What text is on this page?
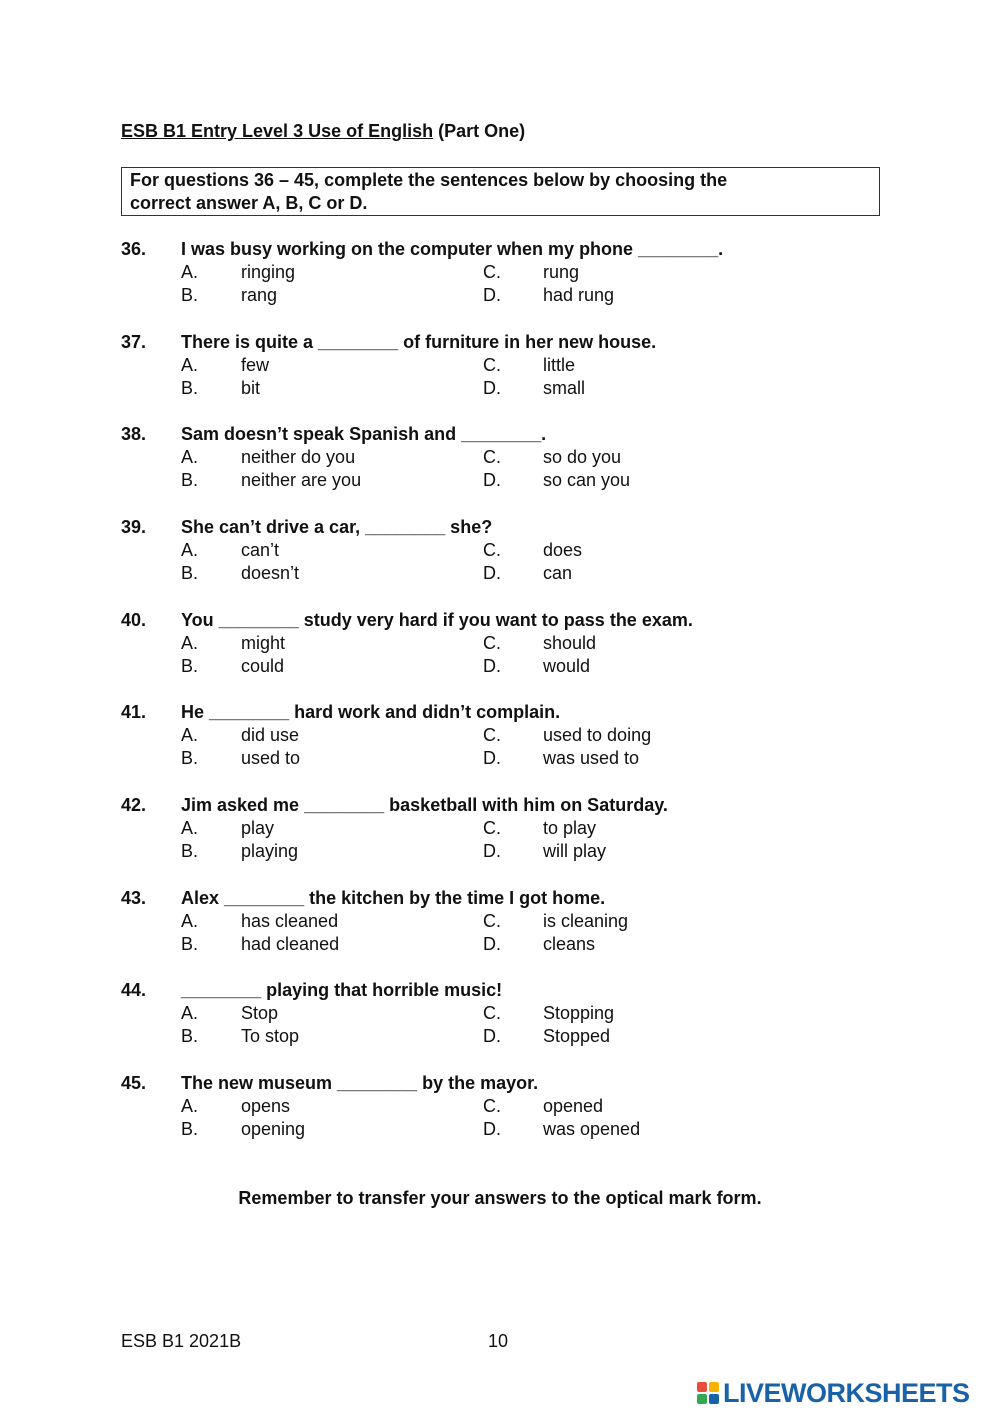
ESB B1 Entry Level 3 Use of English (Part One)
For questions 36 – 45, complete the sentences below by choosing the
correct answer A, B, C or D.
36.	I was busy working on the computer when my phone ________.
A.	ringing	C.	rung
B.	rang	D.	had rung
37.	There is quite a ________ of furniture in her new house.
A.	few	C.	little
B.	bit	D.	small
38.	Sam doesn’t speak Spanish and ________.
A.	neither do you	C.	so do you
B.	neither are you	D.	so can you
39.	She can’t drive a car, ________ she?
A.	can’t	C.	does
B.	doesn’t	D.	can
40.	You ________ study very hard if you want to pass the exam.
A.	might	C.	should
B.	could	D.	would
41.	He ________ hard work and didn’t complain.
A.	did use	C.	used to doing
B.	used to	D.	was used to
42.	Jim asked me ________ basketball with him on Saturday.
A.	play	C.	to play
B.	playing	D.	will play
43.	Alex ________ the kitchen by the time I got home.
A.	has cleaned	C.	is cleaning
B.	had cleaned	D.	cleans
44.	________ playing that horrible music!
A.	Stop	C.	Stopping
B.	To stop	D.	Stopped
45.	The new museum ________ by the mayor.
A.	opens	C.	opened
B.	opening	D.	was opened
Remember to transfer your answers to the optical mark form.
ESB B1 2021B	10
LIVEWORKSHEETS
